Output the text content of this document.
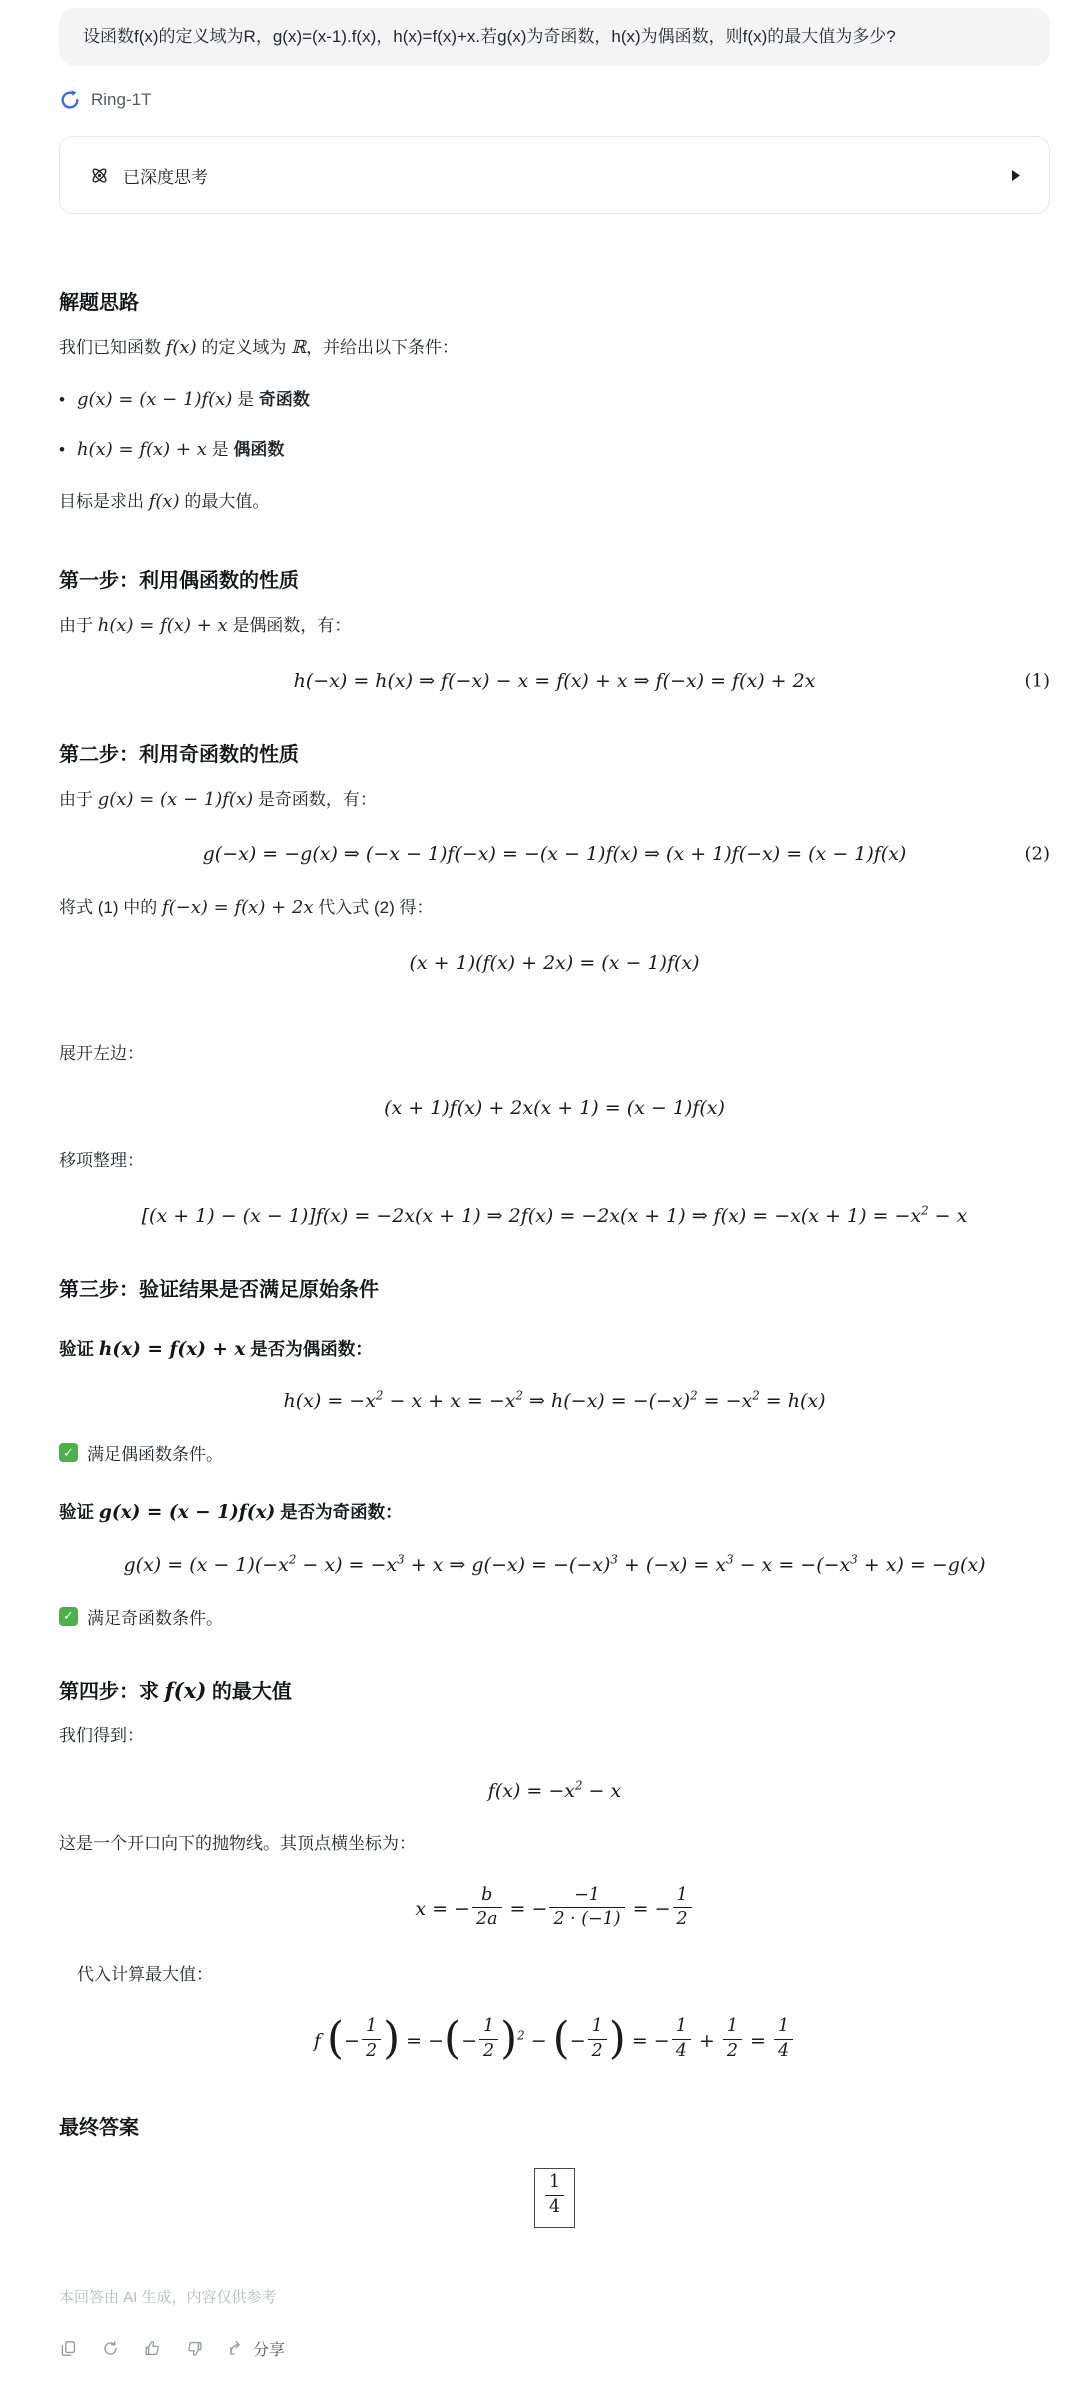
设函数f(x)的定义域为R，g(x)=(x-1).f(x)，h(x)=f(x)+x.若g(x)为奇函数，h(x)为偶函数，则f(x)的最大值为多少?
Ring-1T
已深度思考
解题思路
我们已知函数 f(x) 的定义域为 ℝ，并给出以下条件：
• g(x) = (x − 1)f(x) 是 奇函数
• h(x) = f(x) + x 是 偶函数
目标是求出 f(x) 的最大值。
第一步：利用偶函数的性质
由于 h(x) = f(x) + x 是偶函数，有：
h(−x) = h(x) ⇒ f(−x) − x = f(x) + x ⇒ f(−x) = f(x) + 2x	(1)
第二步：利用奇函数的性质
由于 g(x) = (x − 1)f(x) 是奇函数，有：
g(−x) = −g(x) ⇒ (−x − 1)f(−x) = −(x − 1)f(x) ⇒ (x + 1)f(−x) = (x − 1)f(x)	(2)
将式 (1) 中的 f(−x) = f(x) + 2x 代入式 (2) 得：
(x + 1)(f(x) + 2x) = (x − 1)f(x)
展开左边：
(x + 1)f(x) + 2x(x + 1) = (x − 1)f(x)
移项整理：
[(x + 1) − (x − 1)]f(x) = −2x(x + 1) ⇒ 2f(x) = −2x(x + 1) ⇒ $f(x) = -x(x + 1) = -x^2 - x$
第三步：验证结果是否满足原始条件
验证 h(x) = f(x) + x 是否为偶函数：
$h(x) = -x^2 - x + x = -x^2$ ⇒ $h(-x) = -(-x)^2 = -x^2 = h(x)$
✓
满足偶函数条件。
验证 g(x) = (x − 1)f(x) 是否为奇函数：
$g(x) = (x - 1)(-x^2 - x) = -x^3 + x$ ⇒ $g(-x) = -(-x)^3 + (-x) = x^3 - x = -(-x^3 + x) = -g(x)$
✓
满足奇函数条件。
第四步：求 f(x) 的最大值
我们得到：
$f(x) = -x^2 - x$
这是一个开口向下的抛物线。其顶点横坐标为：
x = − $\frac{b}{2a}$ = − $\frac{-1}{2 \cdot (-1)}$ = − $\frac{1}{2}$
代入计算最大值：
f (− $\frac{1}{2}$ ) = −(− $\frac{1}{2} )^2$ − (− $\frac{1}{2}$ ) = − $\frac{1}{4} + \frac{1}{2} = \frac{1}{4}$
最终答案
$\frac{1}{4}$
本回答由 AI 生成，内容仅供参考
分享
